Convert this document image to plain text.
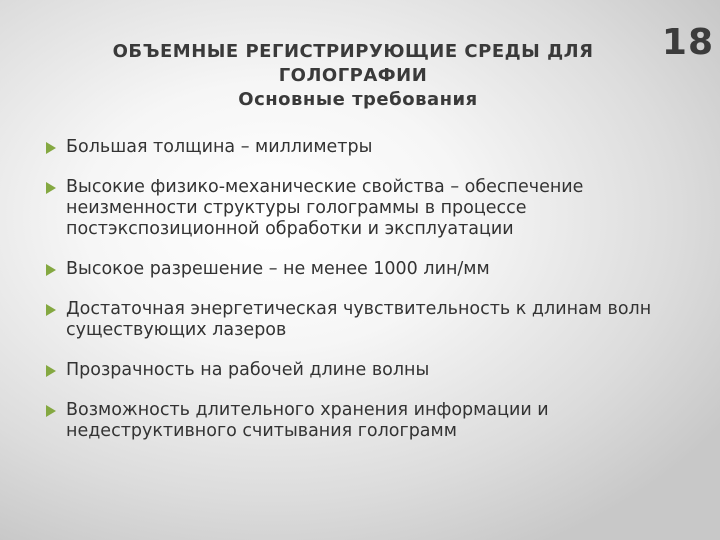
ОБЪЕМНЫЕ РЕГИСТРИРУЮЩИЕ СРЕДЫ ДЛЯ
ГОЛОГРАФИИ
Основные требования
18
Большая толщина – миллиметры
Высокие физико-механические свойства – обеспечение неизменности структуры голограммы в процессе постэкспозиционной обработки и эксплуатации
Высокое разрешение – не менее 1000 лин/мм
Достаточная энергетическая чувствительность к длинам волн существующих лазеров
Прозрачность на рабочей длине волны
Возможность длительного хранения информации и недеструктивного считывания голограмм
